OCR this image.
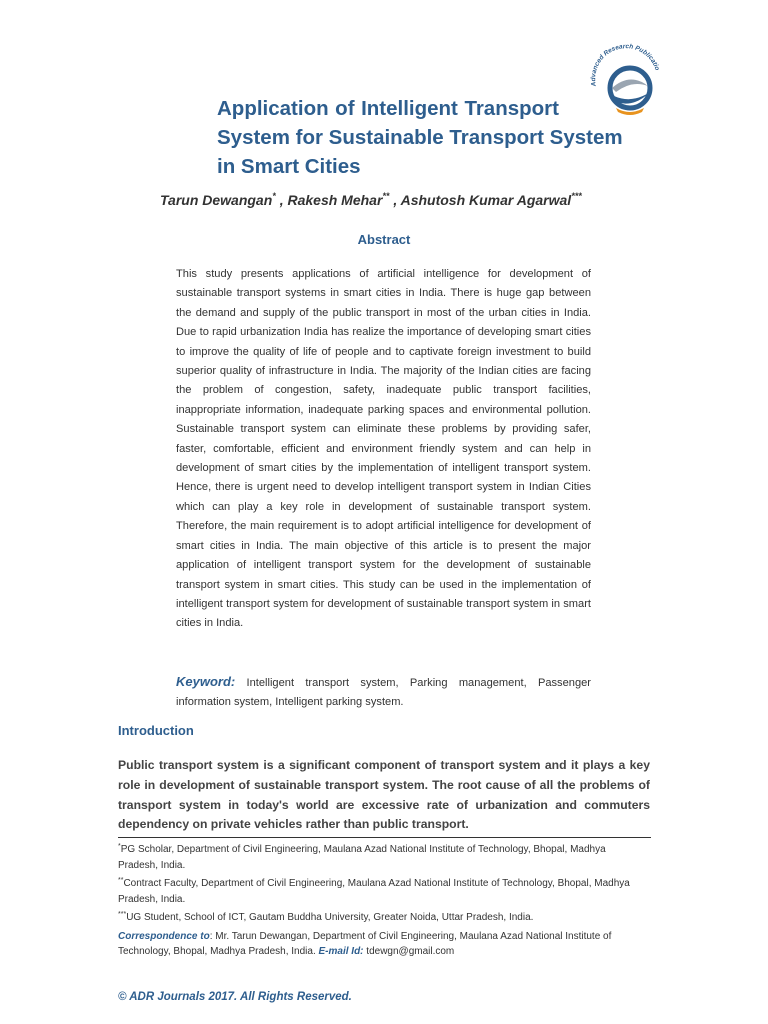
Advanced Research Publicatio
Application of Intelligent Transport
System for Sustainable Transport System
in Smart Cities
Tarun Dewangan* , Rakesh Mehar** , Ashutosh Kumar Agarwal***
Abstract
This study presents applications of artificial intelligence for development of sustainable transport systems in smart cities in India. There is huge gap between the demand and supply of the public transport in most of the urban cities in India. Due to rapid urbanization India has realize the importance of developing smart cities to improve the quality of life of people and to captivate foreign investment to build superior quality of infrastructure in India. The majority of the Indian cities are facing the problem of congestion, safety, inadequate public transport facilities, inappropriate information, inadequate parking spaces and environmental pollution. Sustainable transport system can eliminate these problems by providing safer, faster, comfortable, efficient and environment friendly system and can help in development of smart cities by the implementation of intelligent transport system. Hence, there is urgent need to develop intelligent transport system in Indian Cities which can play a key role in development of sustainable transport system. Therefore, the main requirement is to adopt artificial intelligence for development of smart cities in India. The main objective of this article is to present the major application of intelligent transport system for the development of sustainable transport system in smart cities. This study can be used in the implementation of intelligent transport system for development of sustainable transport system in smart cities in India.
Keyword: Intelligent transport system, Parking management, Passenger information system, Intelligent parking system.
Introduction
Public transport system is a significant component of transport system and it plays a key role in development of sustainable transport system. The root cause of all the problems of transport system in today's world are excessive rate of urbanization and commuters dependency on private vehicles rather than public transport.
*PG Scholar, Department of Civil Engineering, Maulana Azad National Institute of Technology, Bhopal, Madhya Pradesh, India.
**Contract Faculty, Department of Civil Engineering, Maulana Azad National Institute of Technology, Bhopal, Madhya Pradesh, India.
***UG Student, School of ICT, Gautam Buddha University, Greater Noida, Uttar Pradesh, India.
Correspondence to: Mr. Tarun Dewangan, Department of Civil Engineering, Maulana Azad National Institute of Technology, Bhopal, Madhya Pradesh, India. E-mail Id: tdewgn@gmail.com
© ADR Journals 2017. All Rights Reserved.
